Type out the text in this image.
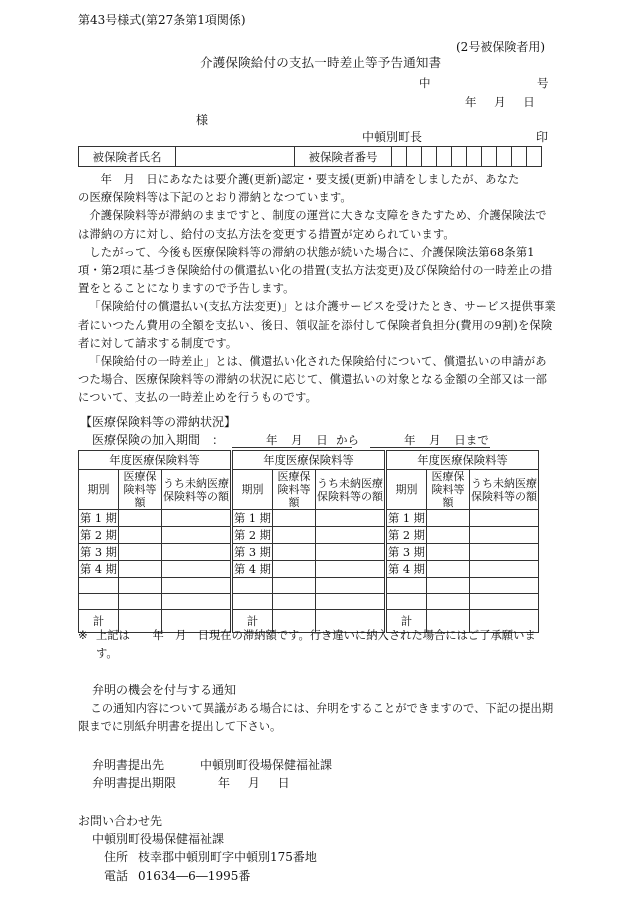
第43号様式(第27条第1項関係)
(2号被保険者用)
介護保険給付の支払一時差止等予告通知書
中	号
年 月 日
様
中頓別町長	印
被保険者氏名		被保険者番号										

年　月　日にあなたは要介護(更新)認定・要支援(更新)申請をしましたが、あなた

の医療保険料等は下記のとおり滞納となつています。

介護保険料等が滞納のままですと、制度の運営に大きな支障をきたすため、介護保険法では滞納の方に対し、給付の支払方法を変更する措置が定められています。

したがって、今後も医療保険料等の滞納の状態が続いた場合に、介護保険法第68条第1項・第2項に基づき保険給付の償還払い化の措置(支払方法変更)及び保険給付の一時差止の措置をとることになりますので予告します。

「保険給付の償還払い(支払方法変更)」とは介護サービスを受けたとき、サービス提供事業者にいつたん費用の全額を支払い、後日、領収証を添付して保険者負担分(費用の9割)を保険者に対して請求する制度です。

「保険給付の一時差止」とは、償還払い化された保険給付について、償還払いの申請があつた場合、医療保険料等の滞納の状況に応じて、償還払いの対象となる金額の全部又は一部について、支払の一時差止めを行うものです。

【医療保険料等の滞納状況】
医療保険の加入期間　：	年 月 日 から	年 月 日まで
年度医療保険料等		
期別	医療保険料等額	うち未納医療保険料等の額
第 1 期		
第 2 期		
第 3 期		
第 4 期		

計		
年度医療保険料等		
期別	医療保険料等額	うち未納医療保険料等の額
第 1 期		
第 2 期		
第 3 期		
第 4 期		

計		
年度医療保険料等		
期別	医療保険料等額	うち未納医療保険料等の額
第 1 期		
第 2 期		
第 3 期		
第 4 期		

計		
※ 上記は　　年　月　日現在の滞納額です。行き違いに納入された場合にはご了承願います。
弁明の機会を付与する通知

この通知内容について異議がある場合には、弁明をすることができますので、下記の提出期限までに別紙弁明書を提出して下さい。

弁明書提出先	中頓別町役場保健福祉課
弁明書提出期限	年 月 日
お問い合わせ先
中頓別町役場保健福祉課
住所 枝幸郡中頓別町字中頓別175番地
電話 01634―6―1995番
